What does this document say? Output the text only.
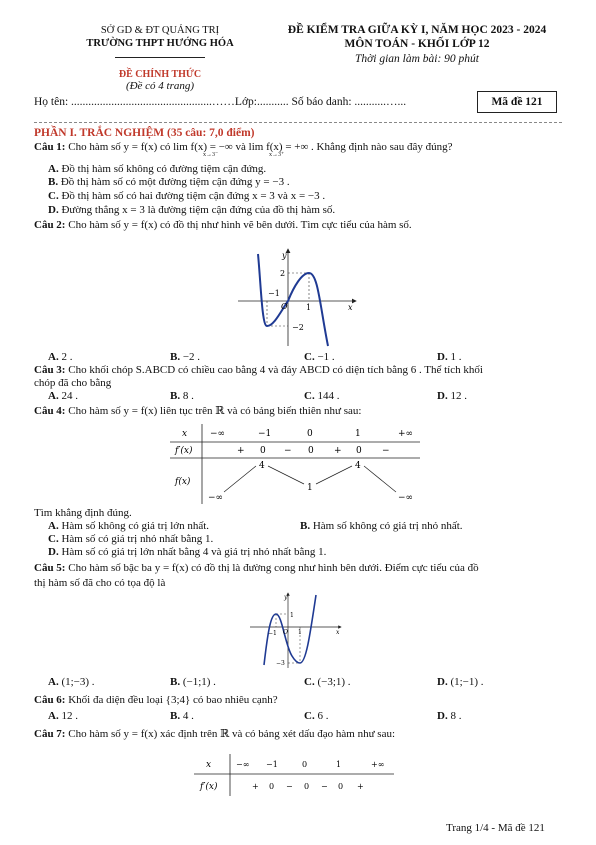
SỞ GD & ĐT QUẢNG TRỊ
TRƯỜNG THPT HƯỚNG HÓA
ĐỀ CHÍNH THỨC
(Đề có 4 trang)
ĐỀ KIỂM TRA GIỮA KỲ I, NĂM HỌC 2023 - 2024
MÔN TOÁN - KHỐI LỚP 12
Thời gian làm bài: 90 phút
Họ tên: .................................................……Lớp:........... Số báo danh: ...........…...	Mã đề 121
PHẦN I. TRẮC NGHIỆM (35 câu: 7,0 điểm)
Câu 1: Cho hàm số y = f(x) có lim f(x) = −∞ và lim f(x) = +∞ . Khẳng định nào sau đây đúng?
x→3⁻	x→3⁺
A. Đồ thị hàm số không có đường tiệm cận đứng.
B. Đồ thị hàm số có một đường tiệm cận đứng y = −3 .
C. Đồ thị hàm số có hai đường tiệm cận đứng x = 3 và x = −3 .
D. Đường thẳng x = 3 là đường tiệm cận đứng của đồ thị hàm số.
Câu 2: Cho hàm số y = f(x) có đồ thị như hình vẽ bên dưới. Tìm cực tiểu của hàm số.
y
x
O
2
−1
1
−2
A. 2 .	B. −2 .	C. −1 .	D. 1 .
Câu 3: Cho khối chóp S.ABCD có chiều cao bằng 4 và đáy ABCD có diện tích bằng 6 . Thể tích khối
chóp đã cho bằng
A. 24 .	B. 8 .	C. 144 .	D. 12 .
Câu 4: Cho hàm số y = f(x) liên tục trên ℝ và có bảng biến thiên như sau:
x	−∞	−1	0	1	+∞
f′(x)	+ 0 − 0 + 0 −
f(x)
−∞
4
1
4
−∞
Tìm khẳng định đúng.
A. Hàm số không có giá trị lớn nhất.	B. Hàm số không có giá trị nhỏ nhất.
C. Hàm số có giá trị nhỏ nhất bằng 1.
D. Hàm số có giá trị lớn nhất bằng 4 và giá trị nhỏ nhất bằng 1.
Câu 5: Cho hàm số bậc ba y = f(x) có đồ thị là đường cong như hình bên dưới. Điểm cực tiểu của đồ
thị hàm số đã cho có tọa độ là
y
x
O
1
−1	1
−3
A. (1;−3) .	B. (−1;1) .	C. (−3;1) .	D. (1;−1) .
Câu 6: Khối đa diện đều loại {3;4} có bao nhiêu cạnh?
A. 12 .	B. 4 .	C. 6 .	D. 8 .
Câu 7: Cho hàm số y = f(x) xác định trên ℝ và có bảng xét dấu đạo hàm như sau:
x	−∞ −1	0	1	+∞
f′(x)	+ 0 − 0 − 0 +
Trang 1/4 - Mã đề 121
